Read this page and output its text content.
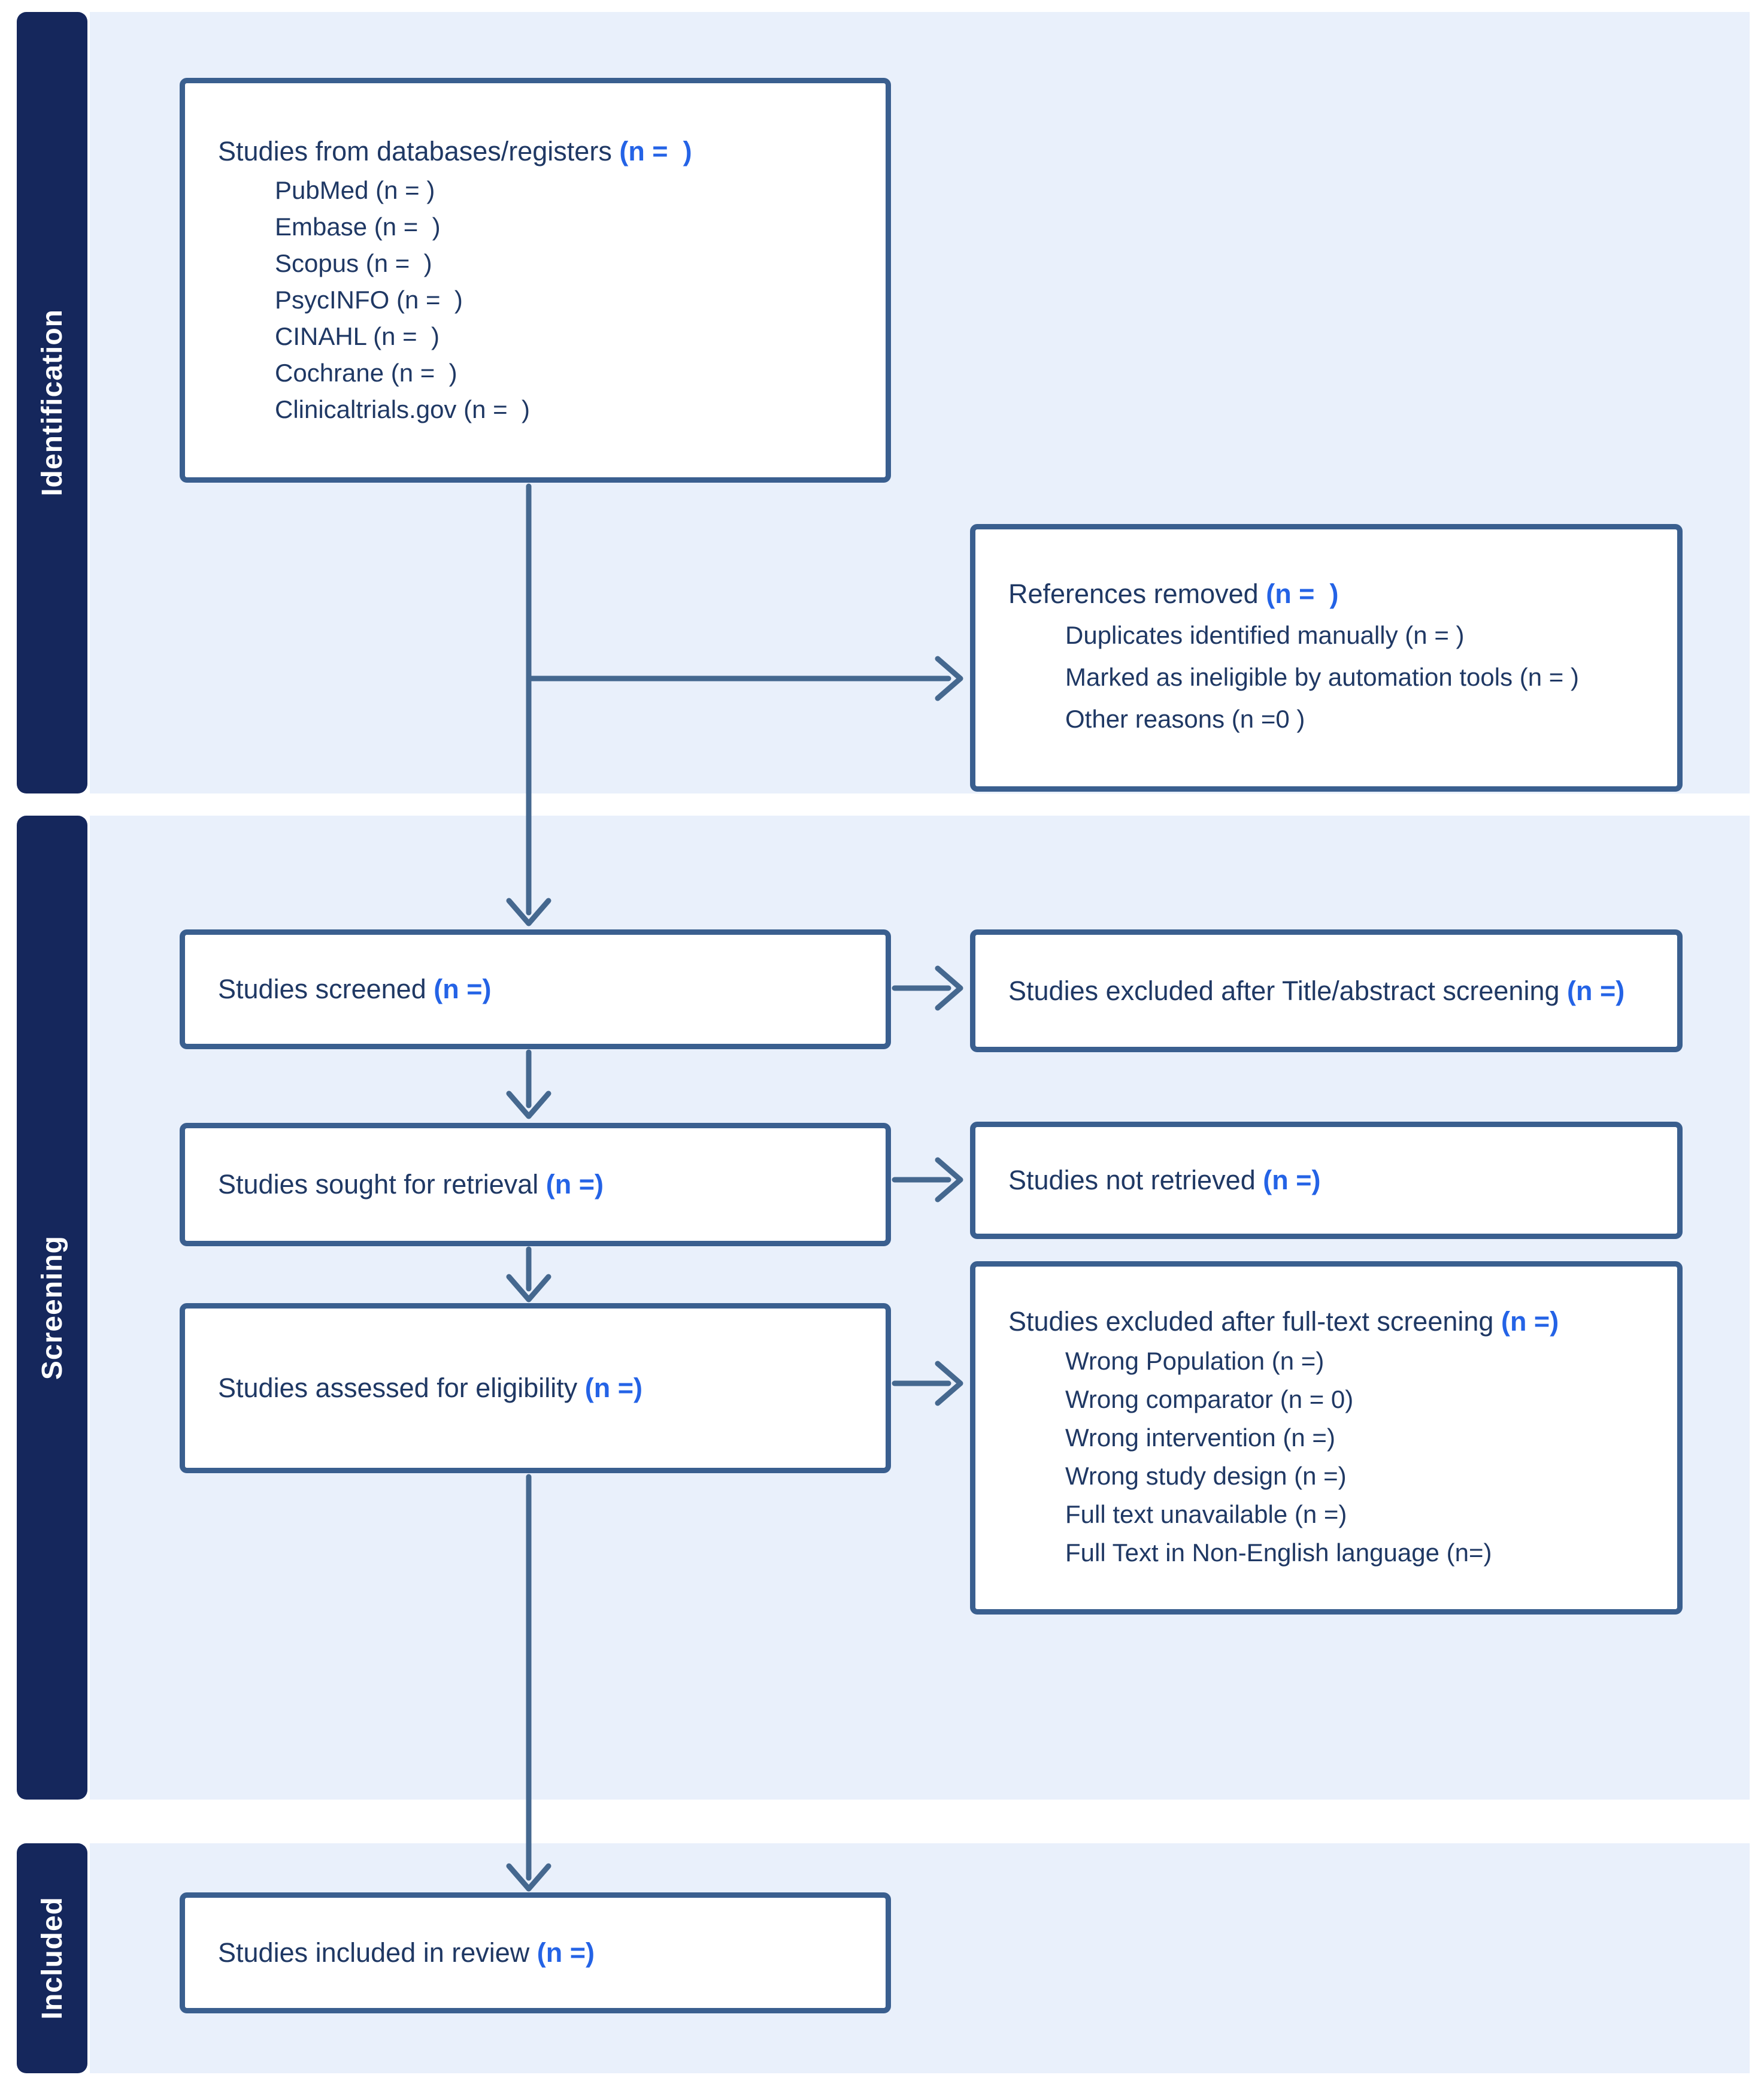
Identification
Screening
Included
Studies from databases/registers (n =  )
PubMed (n = )
Embase (n =  )
Scopus (n =  )
PsycINFO (n =  )
CINAHL (n =  )
Cochrane (n =  )
Clinicaltrials.gov (n =  )
References removed (n =  )
Duplicates identified manually (n = )
Marked as ineligible by automation tools (n = )
Other reasons (n =0 )
Studies screened (n =)	Studies excluded after Title/abstract screening (n =)
Studies sought for retrieval (n =)	Studies not retrieved (n =)
Studies assessed for eligibility (n =)
Studies excluded after full-text screening (n =)
Wrong Population (n =)
Wrong comparator (n = 0)
Wrong intervention (n =)
Wrong study design (n =)
Full text unavailable (n =)
Full Text in Non-English language (n=)
Studies included in review (n =)
